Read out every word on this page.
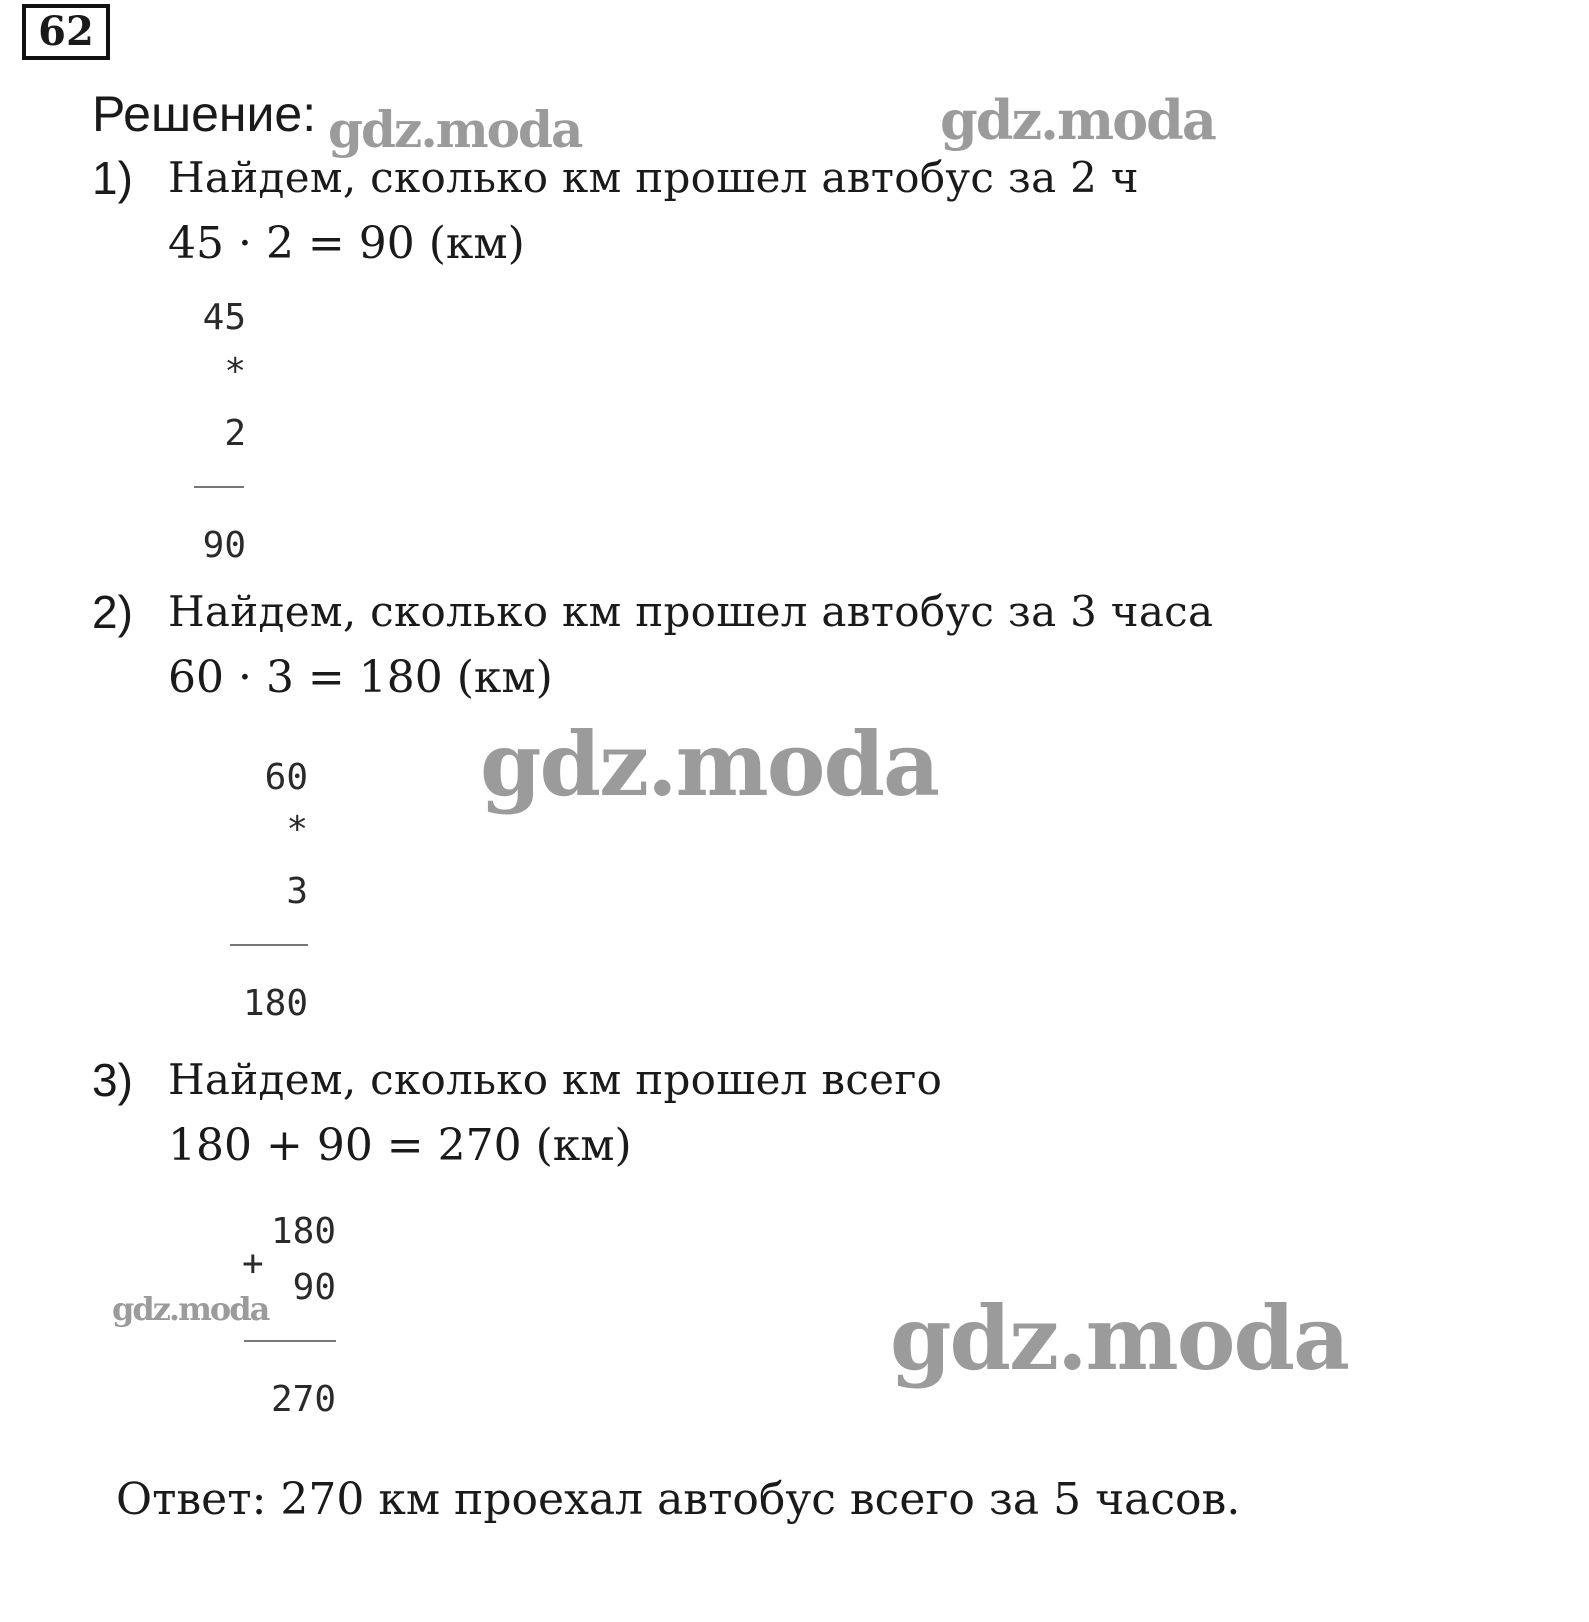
62
Решение:
1) Найдем, сколько км прошел автобус за 2 ч
45 · 2 = 90 (км)
45
*
2
90
2) Найдем, сколько км прошел автобус за 3 часа
60 · 3 = 180 (км)
60
*
3
180
3) Найдем, сколько км прошел всего
180 + 90 = 270 (км)
180
+
90
270
Ответ: 270 км проехал автобус всего за 5 часов.
gdz.moda	gdz.moda
gdz.moda
gdz.moda	gdz.moda
